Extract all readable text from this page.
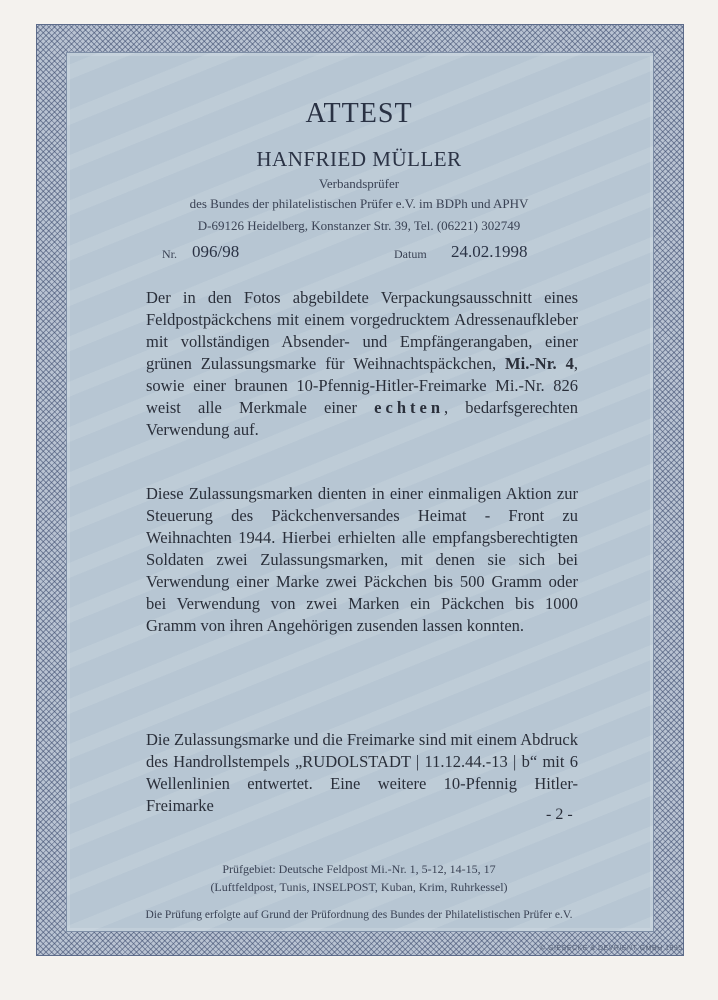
ATTEST
HANFRIED MÜLLER
Verbandsprüfer
des Bundes der philatelistischen Prüfer e.V. im BDPh und APHV
D-69126 Heidelberg, Konstanzer Str. 39, Tel. (06221) 302749
Nr. 096/98	Datum 24.02.1998
Der in den Fotos abgebildete Verpackungsausschnitt eines Feldpostpäckchens mit einem vorgedrucktem Adressenaufkleber mit vollständigen Absender- und Empfängerangaben, einer grünen Zulassungsmarke für Weihnachtspäckchen, Mi.-Nr. 4, sowie einer braunen 10-Pfennig-Hitler-Freimarke Mi.-Nr. 826 weist alle Merkmale einer echten, bedarfsgerechten Verwendung auf.
Diese Zulassungsmarken dienten in einer einmaligen Aktion zur Steuerung des Päckchenversandes Heimat - Front zu Weihnachten 1944. Hierbei erhielten alle empfangsberechtigten Soldaten zwei Zulassungsmarken, mit denen sie sich bei Verwendung einer Marke zwei Päckchen bis 500 Gramm oder bei Verwendung von zwei Marken ein Päckchen bis 1000 Gramm von ihren Angehörigen zusenden lassen konnten.
Die Zulassungsmarke und die Freimarke sind mit einem Abdruck des Handrollstempels „RUDOLSTADT | 11.12.44.-13 | b“ mit 6 Wellenlinien entwertet. Eine weitere 10-Pfennig Hitler-Freimarke	- 2 -
Prüfgebiet: Deutsche Feldpost Mi.-Nr. 1, 5-12, 14-15, 17
(Luftfeldpost, Tunis, INSELPOST, Kuban, Krim, Ruhrkessel)
Die Prüfung erfolgte auf Grund der Prüfordnung des Bundes der Philatelistischen Prüfer e.V.
© GIESECKE & DEVRIENT GMBH 1995
